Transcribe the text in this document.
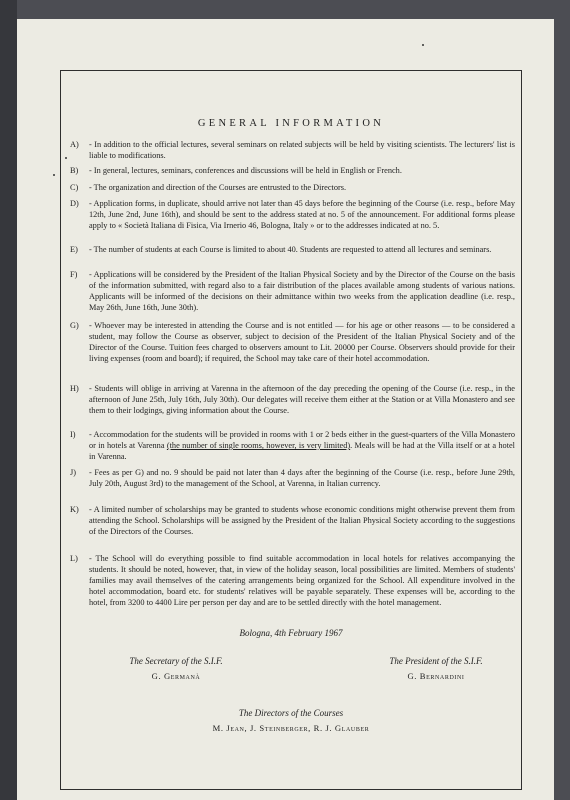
GENERAL INFORMATION
A)	- In addition to the official lectures, several seminars on related subjects will be held by visiting scientists. The lecturers' list is liable to modifications.
B)	- In general, lectures, seminars, conferences and discussions will be held in English or French.
C)	- The organization and direction of the Courses are entrusted to the Directors.
D)	- Application forms, in duplicate, should arrive not later than 45 days before the beginning of the Course (i.e. resp., before May 12th, June 2nd, June 16th), and should be sent to the address stated at no. 5 of the announcement. For additional forms please apply to « Società Italiana di Fisica, Via Irnerio 46, Bologna, Italy » or to the addresses indicated at no. 5.
E)	- The number of students at each Course is limited to about 40. Students are requested to attend all lectures and seminars.
F)	- Applications will be considered by the President of the Italian Physical Society and by the Director of the Course on the basis of the information submitted, with regard also to a fair distribution of the places available among students of various nations. Applicants will be informed of the decisions on their admittance within two weeks from the application deadline (i.e. resp., May 26th, June 16th, June 30th).
G)	- Whoever may be interested in attending the Course and is not entitled — for his age or other reasons — to be considered a student, may follow the Course as observer, subject to decision of the President of the Italian Physical Society and of the Director of the Course. Tuition fees charged to observers amount to Lit. 20000 per Course. Observers should provide for their living expenses (room and board); if required, the School may take care of their hotel accommodation.
H)	- Students will oblige in arriving at Varenna in the afternoon of the day preceding the opening of the Course (i.e. resp., in the afternoon of June 25th, July 16th, July 30th). Our delegates will receive them either at the Station or at Villa Monastero and see them to their lodgings, giving information about the Course.
I)	- Accommodation for the students will be provided in rooms with 1 or 2 beds either in the guest-quarters of the Villa Monastero or in hotels at Varenna (the number of single rooms, however, is very limited). Meals will be had at the Villa itself or at a hotel in Varenna.
J)	- Fees as per G) and no. 9 should be paid not later than 4 days after the beginning of the Course (i.e. resp., before June 29th, July 20th, August 3rd) to the management of the School, at Varenna, in Italian currency.
K)	- A limited number of scholarships may be granted to students whose economic conditions might otherwise prevent them from attending the School. Scholarships will be assigned by the President of the Italian Physical Society according to the suggestions of the Directors of the Courses.
L)	- The School will do everything possible to find suitable accommodation in local hotels for relatives accompanying the students. It should be noted, however, that, in view of the holiday season, local possibilities are limited. Members of students' families may avail themselves of the catering arrangements being organized for the School. All expenditure involved in the hotel accommodation, board etc. for students' relatives will be payable separately. These expenses will be, according to the hotel, from 3200 to 4400 Lire per person per day and are to be settled directly with the hotel management.
Bologna, 4th February 1967
The Secretary of the S.I.F.
G. Germanà
The President of the S.I.F.
G. Bernardini
The Directors of the Courses
M. Jean, J. Steinberger, R. J. Glauber
